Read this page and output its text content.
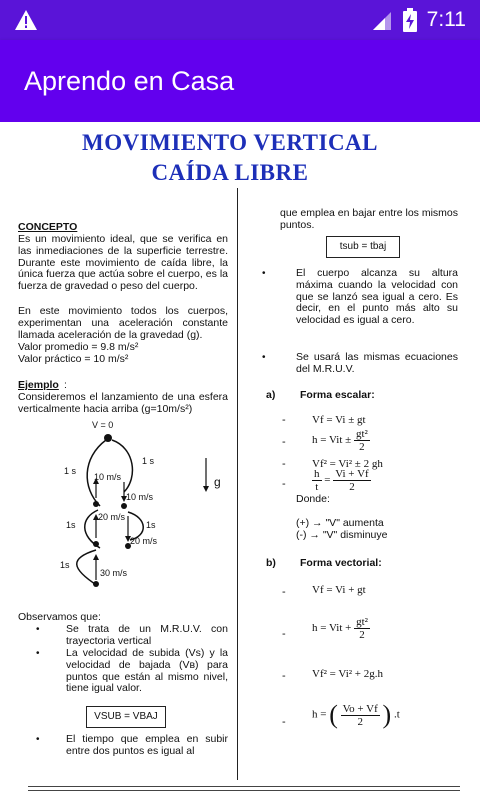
7:11
Aprendo en Casa
MOVIMIENTO VERTICAL
CAÍDA LIBRE
CONCEPTO
Es un movimiento ideal, que se verifica en las inmediaciones de la superficie terrestre. Durante este movimiento de caída libre, la única fuerza que actúa sobre el cuerpo, es la fuerza de gravedad o peso del cuerpo.
En este movimiento todos los cuerpos, experimentan una aceleración constante llamada aceleración de la gravedad (g).
Valor promedio = 9.8 m/s²
Valor práctico = 10 m/s²
Ejemplo :
Consideremos el lanzamiento de una esfera verticalmente hacia arriba (g=10m/s²)
V = 0
1 s
1 s
1s	1s
1s
10 m/s
10 m/s
20 m/s
20 m/s
30 m/s
g
Observamos que:
•	Se trata de un M.R.U.V. con trayectoria vertical
•	La velocidad de subida (Vs) y la velocidad de bajada (Vв) para puntos que están al mismo nivel, tiene igual valor.
VSUB = VBAJ
•	El tiempo que emplea en subir entre dos puntos es igual al
que emplea en bajar entre los mismos puntos.
tsub = tbaj
•	El cuerpo alcanza su altura máxima cuando la velocidad con que se lanzó sea igual a cero. Es decir, en el punto más alto su velocidad es igual a cero.
•	Se usará las mismas ecuaciones del M.R.U.V.
a) Forma escalar:
- Vf = Vi ± gt
- h = Vit ± $\frac{\text{gt²}}{2}$
- Vf² = Vi² ± 2 gh
- $\frac{h}{t} = \frac{Vi + Vf}{2}$
Donde:
(+) → "V" aumenta
(-) → "V" disminuye
b) Forma vectorial:
- Vf = Vi + gt
- h = Vit + $\frac{\text{gt²}}{2}$
- Vf² = Vi² + 2g.h
-
h = ( $\frac{Vo + Vf}{2}$ ) .t
